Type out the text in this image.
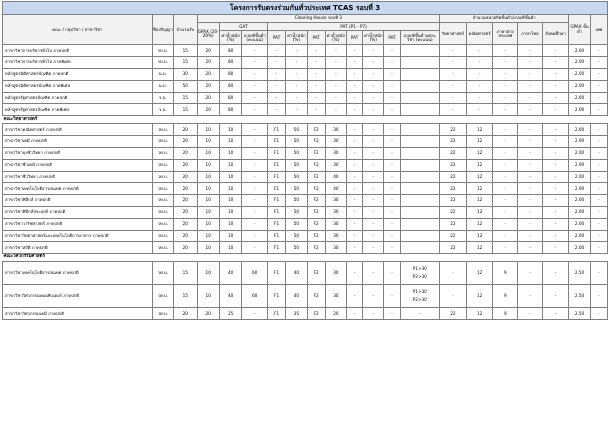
โครงการรับตรงร่วมกันทั่วประเทศ TCAS รอบที่ 3																				
คณะ / กลุ่มวิชา / สาขาวิชา	ชื่อปริญญา	จำนวนรับ	Clearing House รอบที่ 3											จำนวนหน่วยกิตขั้นต่ำ/เกณฑ์ขั้นต่ำ					GPAX ขั้นต่ำ	เพศ
			GPAX (20-20%)	GAT		PAT (P1 - P7)								วิทยาศาสตร์	คณิตศาสตร์	ภาษาต่างประเทศ	ภาษาไทย	สังคมศึกษา		
				ค่าน้ำหนัก (%)	เกณฑ์ขั้นต่ำ (คะแนน)	PAT	ค่าน้ำหนัก (%)	PAT	ค่าน้ำหนัก (%)	PAT	ค่าน้ำหนัก (%)	PAT	เกณฑ์ขั้นต่ำแต่ละวิชา (คะแนน)							
สาขาวิชาการบริหารทั่วไป ภาคปกติ	รป.บ.	15	20	80	-	-	-	-	-	-	-	-		-	-	-	-	-	2.00	-
สาขาวิชาการบริหารทั่วไป ภาคพิเศษ	รป.บ.	15	20	80	-	-	-	-	-	-	-	-		-	-	-	-	-	2.00	-
หลักสูตรนิติศาสตรบัณฑิต ภาคปกติ	น.บ.	30	20	80	-	-	-	-	-	-	-	-		-	-	-	-	-	2.00	-
หลักสูตรนิติศาสตรบัณฑิต ภาคพิเศษ	น.บ.	50	20	80	-	-	-	-	-	-	-	-		-	-	-	-	-	2.00	-
หลักสูตรรัฐศาสตรบัณฑิต ภาคปกติ	ร.บ.	15	20	80	-	-	-	-	-	-	-	-		-	-	-	-	-	2.00	-
หลักสูตรรัฐศาสตรบัณฑิต ภาคพิเศษ	ร.บ.	15	20	80	-	-	-	-	-	-	-	-		-	-	-	-	-	2.00	-
คณะวิทยาศาสตร์																				
สาขาวิชาคณิตศาสตร์ ภาคปกติ	วท.บ.	20	10	10	-	F1	50	F2	30	-	-	-		22	12	-	-	-	2.00	-
สาขาวิชาเคมี ภาคปกติ	วท.บ.	20	10	10	-	F1	50	F2	30	-	-	-		22	12	-	-	-	2.00	-
สาขาวิชาจุลชีววิทยา ภาคปกติ	วท.บ.	20	10	10	-	F1	50	F2	30	-	-	-		22	12	-	-	-	2.00	-
สาขาวิชาชีวเคมี ภาคปกติ	วท.บ.	20	10	10	-	F1	50	F2	30	-	-	-		22	12	-	-	-	2.00	-
สาขาวิชาชีววิทยา ภาคปกติ	วท.บ.	20	10	10	-	F1	50	F2	40	-	-	-		22	12	-	-	-	2.00	-
สาขาวิชาเทคโนโลยีสารสนเทศ ภาคปกติ	วท.บ.	20	10	10	-	F1	50	F2	40	-	-	-		22	12	-	-	-	2.00	-
สาขาวิชาฟิสิกส์ ภาคปกติ	วท.บ.	20	10	10	-	F1	50	F2	30	-	-	-		22	12	-	-	-	2.00	-
สาขาวิชาฟิสิกส์ประยุกต์ ภาคปกติ	วท.บ.	20	10	10	-	F1	50	F2	30	-	-	-		22	12	-	-	-	2.00	-
สาขาวิชาวาริชศาสตร์ ภาคปกติ	วท.บ.	20	10	10	-	F1	50	F2	30	-	-	-		22	12	-	-	-	2.00	-
สาขาวิชาวิทยาศาสตร์และเทคโนโลยีการอาหาร ภาคปกติ	วท.บ.	20	10	10	-	F1	50	F2	30	-	-	-		22	12	-	-	-	2.00	-
สาขาวิชาสถิติ ภาคปกติ	วท.บ.	20	10	10	-	F1	50	F2	30	-	-	-		22	12	-	-	-	2.00	-
คณะวิศวกรรมศาสตร์																				
สาขาวิชาเทคโนโลยีสารสนเทศ ภาคปกติ	วศ.บ.	15	10	40	60	F1	40	F2	30	-	-	-	P1>30
P2>30	-	12	9	-	-	2.50	-
สาขาวิชาวิศวกรรมคอมพิวเตอร์ ภาคปกติ	วศ.บ.	15	10	40	60	F1	40	F2	30	-	-	-	P1>30
P2>30	-	12	9	-	-	2.50	-
สาขาวิชาวิศวกรรมเคมี ภาคปกติ	วศ.บ.	20	20	25	-	F1	35	F2	20	-	-	-	-	22	12	9	-	-	2.50	-
